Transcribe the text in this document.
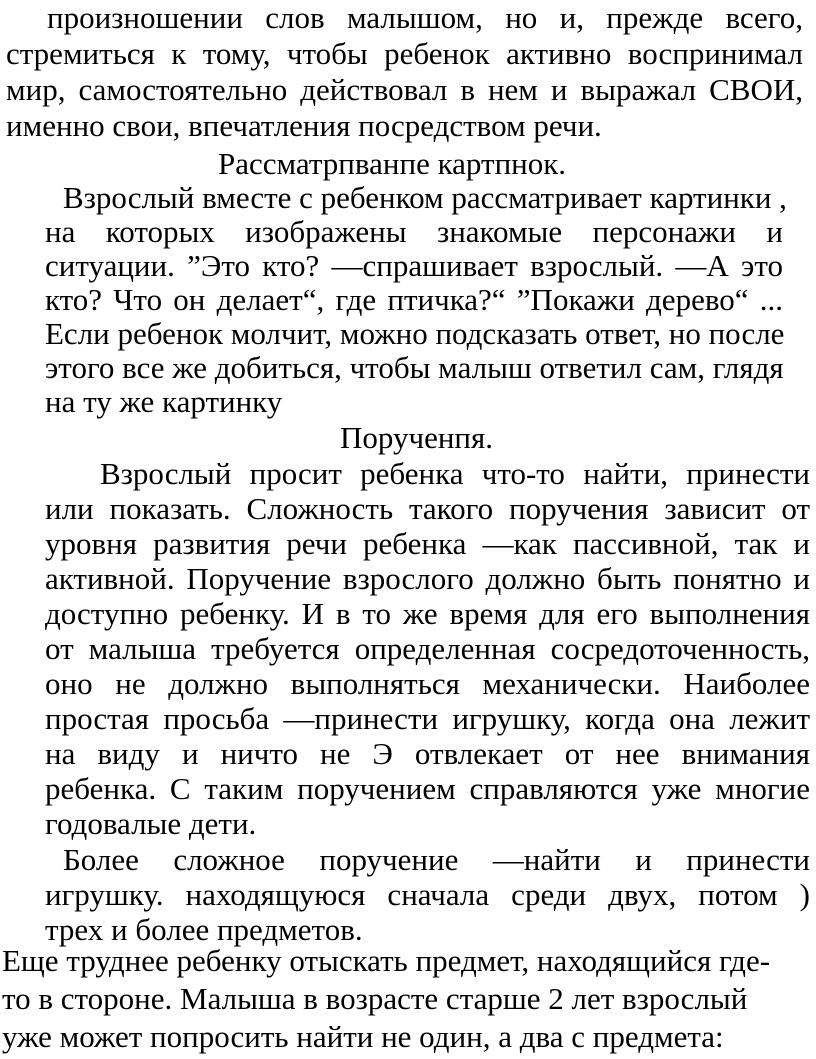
произношении слов малышом, но и, прежде всего,
стремиться к тому, чтобы ребенок активно воспринимал
мир, самостоятельно действовал в нем и выражал СВОИ,
именно свои, впечатления посредством речи.
Рассматрпванпе картпнок.
Взрослый вместе с ребенком рассматривает картинки ,
на которых изображены знакомые персонажи и
ситуации. ”Это кто? —спрашивает взрослый. —А это
кто? Что он делает“, где птичка?“ ”Покажи дерево“ ...
Если ребенок молчит, можно подсказать ответ, но после
этого все же добиться, чтобы малыш ответил сам, глядя
на ту же картинку
Порученпя.
Взрослый просит ребенка что-то найти, принести
или показать. Сложность такого поручения зависит от
уровня развития речи ребенка —как пассивной, так и
активной. Поручение взрослого должно быть понятно и
доступно ребенку. И в то же время для его выполнения
от малыша требуется определенная сосредоточенность,
оно не должно выполняться механически. Наиболее
простая просьба —принести игрушку, когда она лежит
на виду и ничто не Э отвлекает от нее внимания
ребенка. С таким поручением справляются уже многие
годовалые дети.
Более сложное поручение —найти и принести
игрушку. находящуюся сначала среди двух, потом )
трех и более предметов.
Еще труднее ребенку отыскать предмет, находящийся где-
то в стороне. Малыша в возрасте старше 2 лет взрослый
уже может попросить найти не один, а два с предмета:
